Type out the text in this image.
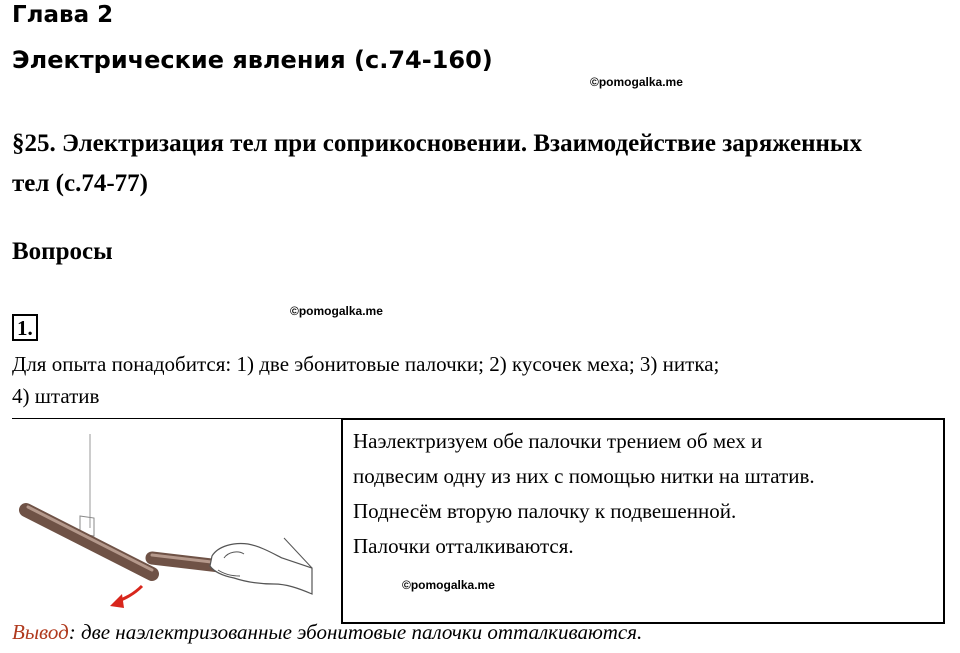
Глава 2
Электрические явления (с.74-160)
©pomogalka.me
§25. Электризация тел при соприкосновении. Взаимодействие заряженных тел (с.74-77)
Вопросы
©pomogalka.me
1.
Для опыта понадобится: 1) две эбонитовые палочки; 2) кусочек меха; 3) нитка;
4) штатив
Наэлектризуем обе палочки трением об мех и
подвесим одну из них с помощью нитки на штатив.
Поднесём вторую палочку к подвешенной.
Палочки отталкиваются.
©pomogalka.me
Вывод: две наэлектризованные эбонитовые палочки отталкиваются.
